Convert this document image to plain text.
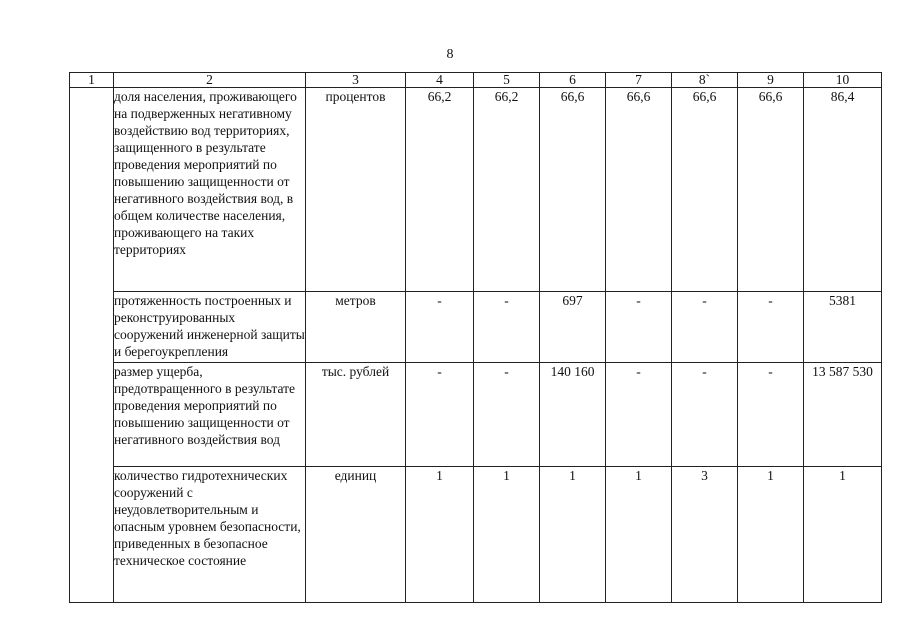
8
1	2	3	4	5	6	7	8`	9	10
	доля населения, проживающего на подверженных негативному воздействию вод территориях, защищенного в результате проведения мероприятий по повышению защищенности от негативного воздействия вод, в общем количестве населения, проживающего на таких территориях	процентов	66,2	66,2	66,6	66,6	66,6	66,6	86,4
	протяженность построенных и реконструированных сооружений инженерной защиты и берегоукрепления	метров	-	-	697	-	-	-	5381
	размер ущерба, предотвращенного в результате проведения мероприятий по повышению защищенности от негативного воздействия вод	тыс. рублей	-	-	140 160	-	-	-	13 587 530
	количество гидротехнических сооружений с неудовлетворительным и опасным уровнем безопасности, приведенных в безопасное техническое состояние	единиц	1	1	1	1	3	1	1
